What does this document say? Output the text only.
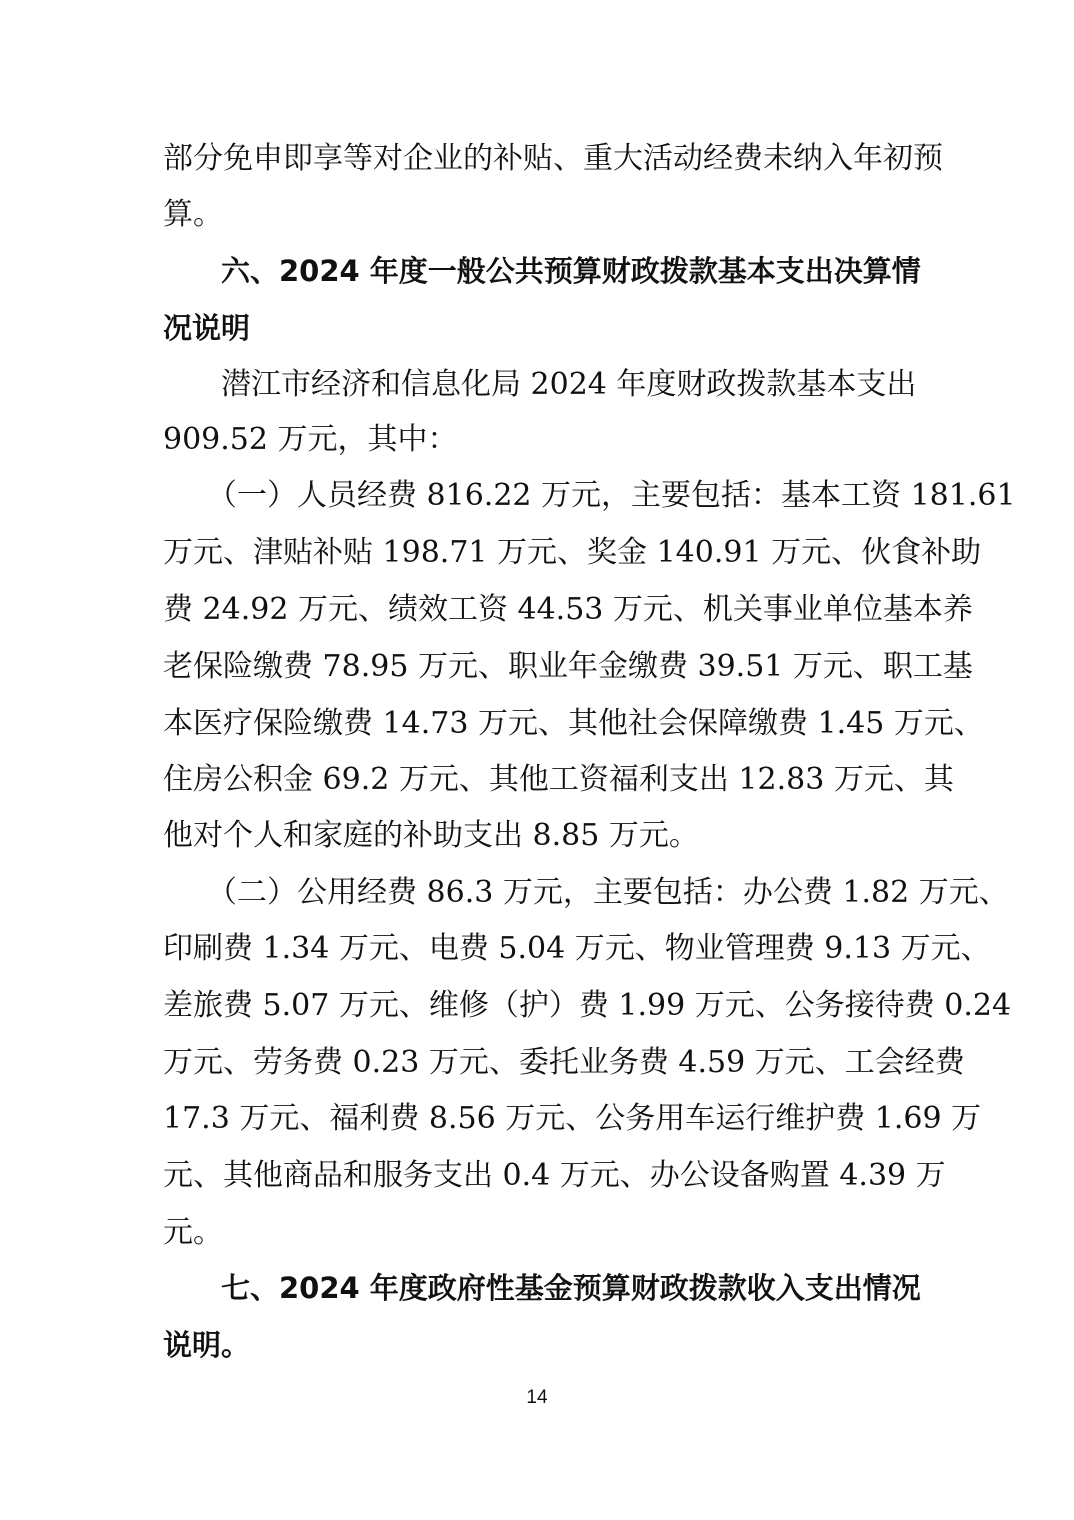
部分免申即享等对企业的补贴、重大活动经费未纳入年初预
算。
六、2024 年度一般公共预算财政拨款基本支出决算情
况说明
潜江市经济和信息化局 2024 年度财政拨款基本支出
909.52 万元，其中：
（一）人员经费 816.22 万元，主要包括：基本工资 181.61
万元、津贴补贴 198.71 万元、奖金 140.91 万元、伙食补助
费 24.92 万元、绩效工资 44.53 万元、机关事业单位基本养
老保险缴费 78.95 万元、职业年金缴费 39.51 万元、职工基
本医疗保险缴费 14.73 万元、其他社会保障缴费 1.45 万元、
住房公积金 69.2 万元、其他工资福利支出 12.83 万元、其
他对个人和家庭的补助支出 8.85 万元。
（二）公用经费 86.3 万元，主要包括：办公费 1.82 万元、
印刷费 1.34 万元、电费 5.04 万元、物业管理费 9.13 万元、
差旅费 5.07 万元、维修（护）费 1.99 万元、公务接待费 0.24
万元、劳务费 0.23 万元、委托业务费 4.59 万元、工会经费
17.3 万元、福利费 8.56 万元、公务用车运行维护费 1.69 万
元、其他商品和服务支出 0.4 万元、办公设备购置 4.39 万
元。
七、2024 年度政府性基金预算财政拨款收入支出情况
说明。
14
